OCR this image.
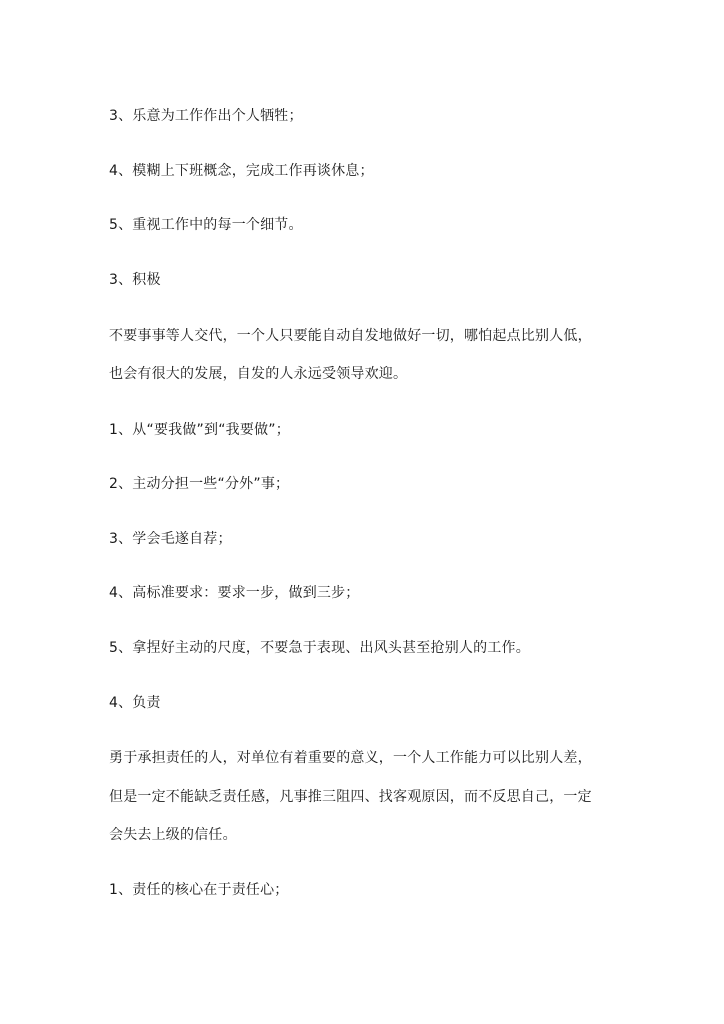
3、乐意为工作作出个人牺牲；
4、模糊上下班概念，完成工作再谈休息；
5、重视工作中的每一个细节。
3、积极
不要事事等人交代，一个人只要能自动自发地做好一切，哪怕起点比别人低，
也会有很大的发展，自发的人永远受领导欢迎。
1、从“要我做”到“我要做”；
2、主动分担一些“分外”事；
3、学会毛遂自荐；
4、高标准要求：要求一步，做到三步；
5、拿捏好主动的尺度，不要急于表现、出风头甚至抢别人的工作。
4、负责
勇于承担责任的人，对单位有着重要的意义，一个人工作能力可以比别人差，
但是一定不能缺乏责任感，凡事推三阻四、找客观原因，而不反思自己，一定
会失去上级的信任。
1、责任的核心在于责任心；
